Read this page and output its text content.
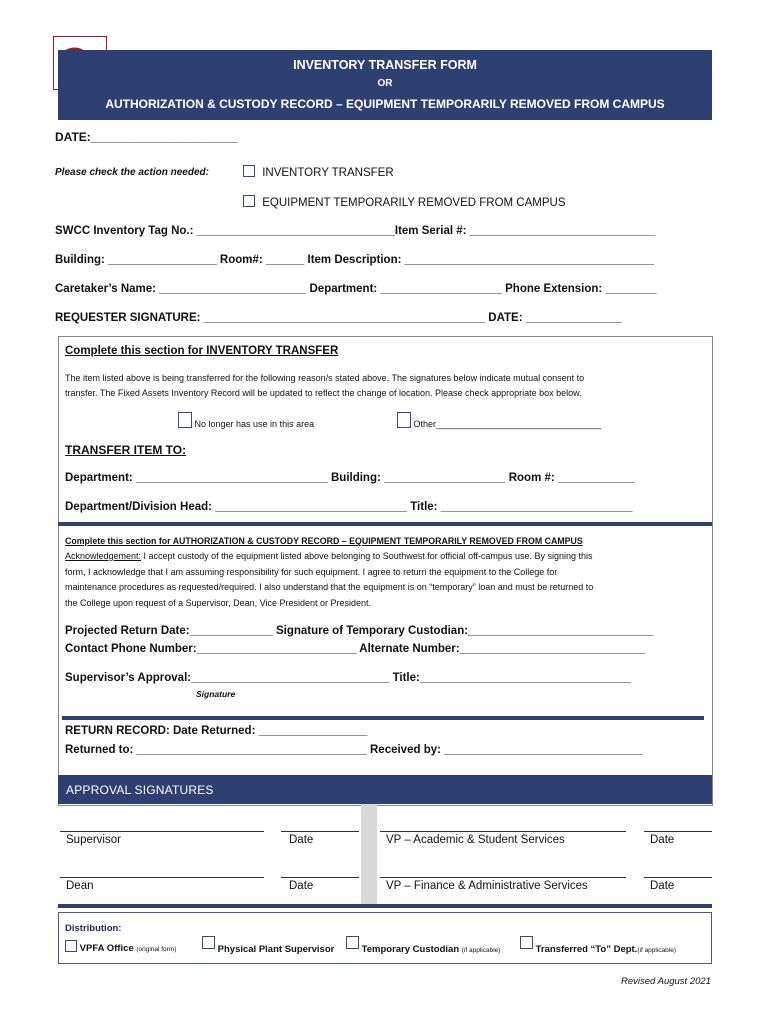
INVENTORY TRANSFER FORM
OR
AUTHORIZATION & CUSTODY RECORD – EQUIPMENT TEMPORARILY REMOVED FROM CAMPUS
DATE:______________________
Please check the action needed:	INVENTORY TRANSFER
EQUIPMENT TEMPORARILY REMOVED FROM CAMPUS
SWCC Inventory Tag No.: _______________________________Item Serial #: _____________________________
Building: _________________ Room#: ______ Item Description: _______________________________________
Caretaker’s Name: _______________________ Department: ___________________ Phone Extension: ________
REQUESTER SIGNATURE: ____________________________________________ DATE: _______________
Complete this section for INVENTORY TRANSFER
The item listed above is being transferred for the following reason/s stated above. The signatures below indicate mutual consent to
transfer. The Fixed Assets Inventory Record will be updated to reflect the change of location. Please check appropriate box below.
No longer has use in this area	Other_________________________________
TRANSFER ITEM TO:
Department: ______________________________ Building: ___________________ Room #: ____________
Department/Division Head: ______________________________ Title: ______________________________
Complete this section for AUTHORIZATION & CUSTODY RECORD – EQUIPMENT TEMPORARILY REMOVED FROM CAMPUS
Acknowledgement: I accept custody of the equipment listed above belonging to Southwest for official off-campus use. By signing this
form, I acknowledge that I am assuming responsibility for such equipment. I agree to return the equipment to the College for
maintenance procedures as requested/required. I also understand that the equipment is on “temporary” loan and must be returned to
the College upon request of a Supervisor, Dean, Vice President or President.
Projected Return Date:_____________ Signature of Temporary Custodian:_____________________________
Contact Phone Number:_________________________ Alternate Number:_____________________________
Supervisor’s Approval:_______________________________ Title:_________________________________
Signature
RETURN RECORD: Date Returned: _________________
Returned to: ____________________________________ Received by: _______________________________
APPROVAL SIGNATURES
Supervisor	Date	VP – Academic & Student Services	Date
Dean	Date	VP – Finance & Administrative Services	Date
Distribution:
VPFA Office (original form)	Physical Plant Supervisor	Temporary Custodian $_{(if applicable)}$	Transferred “To” $Dept._{(if applicable)}$
Revised August 2021
